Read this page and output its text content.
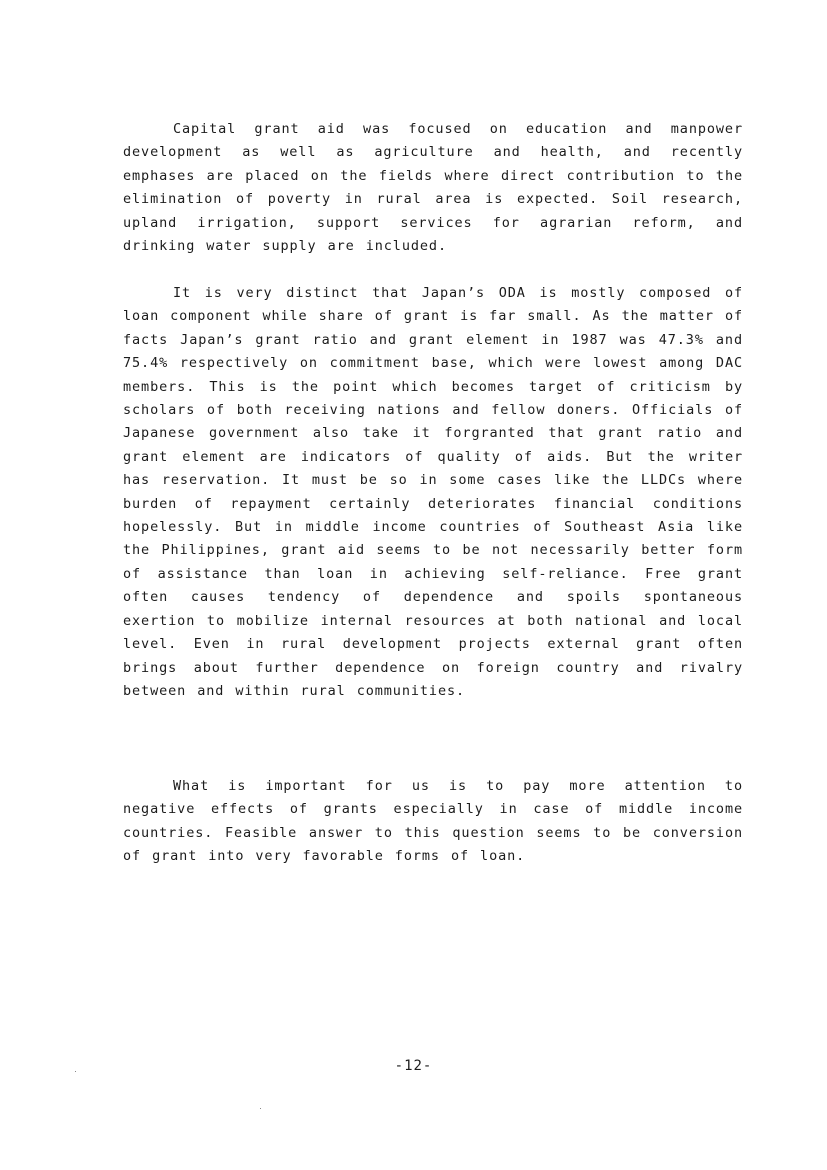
Capital grant aid was focused on education and manpower development as well as agriculture and health, and recently emphases are placed on the fields where direct contribution to the elimination of poverty in rural area is expected. Soil research, upland irrigation, support services for agrarian reform, and drinking water supply are included.

It is very distinct that Japan’s ODA is mostly composed of loan component while share of grant is far small. As the matter of facts Japan’s grant ratio and grant element in 1987 was 47.3% and 75.4% respectively on commitment base, which were lowest among DAC members. This is the point which becomes target of criticism by scholars of both receiving nations and fellow doners. Officials of Japanese government also take it forgranted that grant ratio and grant element are indicators of quality of aids. But the writer has reservation. It must be so in some cases like the LLDCs where burden of repayment certainly deteriorates financial conditions hopelessly. But in middle income countries of Southeast Asia like the Philippines, grant aid seems to be not necessarily better form of assistance than loan in achieving self-reliance. Free grant often causes tendency of dependence and spoils spontaneous exertion to mobilize internal resources at both national and local level. Even in rural development projects external grant often brings about further dependence on foreign country and rivalry between and within rural communities.

What is important for us is to pay more attention to negative effects of grants especially in case of middle income countries. Feasible answer to this question seems to be conversion of grant into very favorable forms of loan.

-12-
